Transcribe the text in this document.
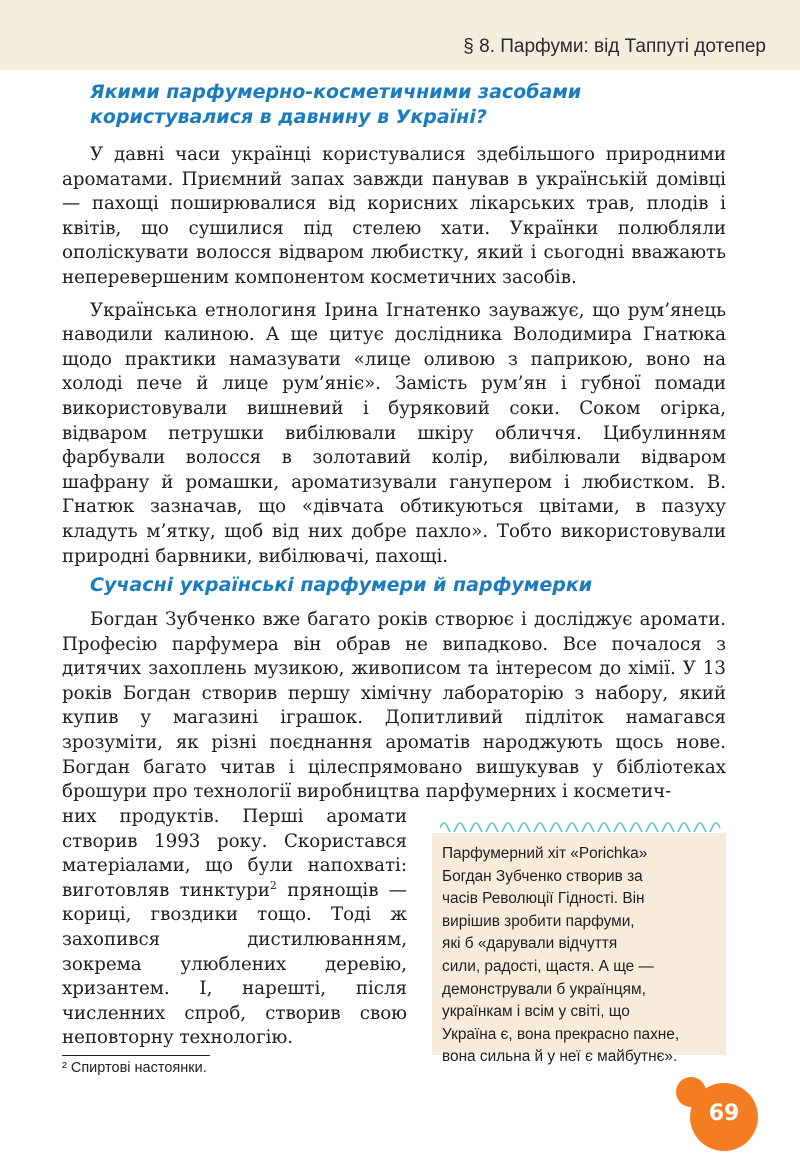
§ 8. Парфуми: від Таппуті дотепер
Якими парфумерно-косметичними засобами
користувалися в давнину в Україні?

У давні часи українці користувалися здебільшого природними ароматами. Приємний запах завжди панував в українській домівці — пахощі поширювалися від корисних лікарських трав, плодів і квітів, що сушилися під стелею хати. Українки полюбляли ополіскувати волосся відваром любистку, який і сьогодні вважають неперевершеним компонентом косметичних засобів.

Українська етнологиня Ірина Ігнатенко зауважує, що рум’янець наводили калиною. А ще цитує дослідника Володимира Гнатюка щодо практики намазувати «лице оливою з паприкою, воно на холоді пече й лице рум’яніє». Замість рум’ян і губної помади використовували вишневий і буряковий соки. Соком огірка, відваром петрушки вибілювали шкіру обличчя. Цибулинням фарбували волосся в золотавий колір, вибілювали відваром шафрану й ромашки, ароматизували ганупером і любистком. В. Гнатюк зазначав, що «дівчата обтикуються цвітами, в пазуху кладуть м’ятку, щоб від них добре пахло». Тобто використовували природні барвники, вибілювачі, пахощі.

Сучасні українські парфумери й парфумерки

Богдан Зубченко вже багато років створює і досліджує аромати. Професію парфумера він обрав не випадково. Все почалося з дитячих захоплень музикою, живописом та інтересом до хімії. У 13 років Богдан створив першу хімічну лабораторію з набору, який купив у магазині іграшок. Допитливий підліток намагався зрозуміти, як різні поєднання ароматів народжують щось нове. Богдан багато читав і цілеспрямовано вишукував у бібліотеках брошури про технології виробництва парфумерних і косметич-

них продуктів. Перші аромати створив 1993 року. Скористався матеріалами, що були напохваті: виготовляв тинктури$^2$ прянощів — кориці, гвоздики тощо. Тоді ж захопився дистилюванням, зокрема улюблених деревію, хризантем. І, нарешті, після численних спроб, створив свою неповторну технологію.
Парфумерний хіт «Porichka»
Богдан Зубченко створив за
часів Революції Гідності. Він
вирішив зробити парфуми,
які б «дарували відчуття
сили, радості, щастя. А ще —
демонстрували б українцям,
українкам і всім у світі, що
Україна є, вона прекрасно пахне,
вона сильна й у неї є майбутнє».
² Спиртові настоянки.
69
